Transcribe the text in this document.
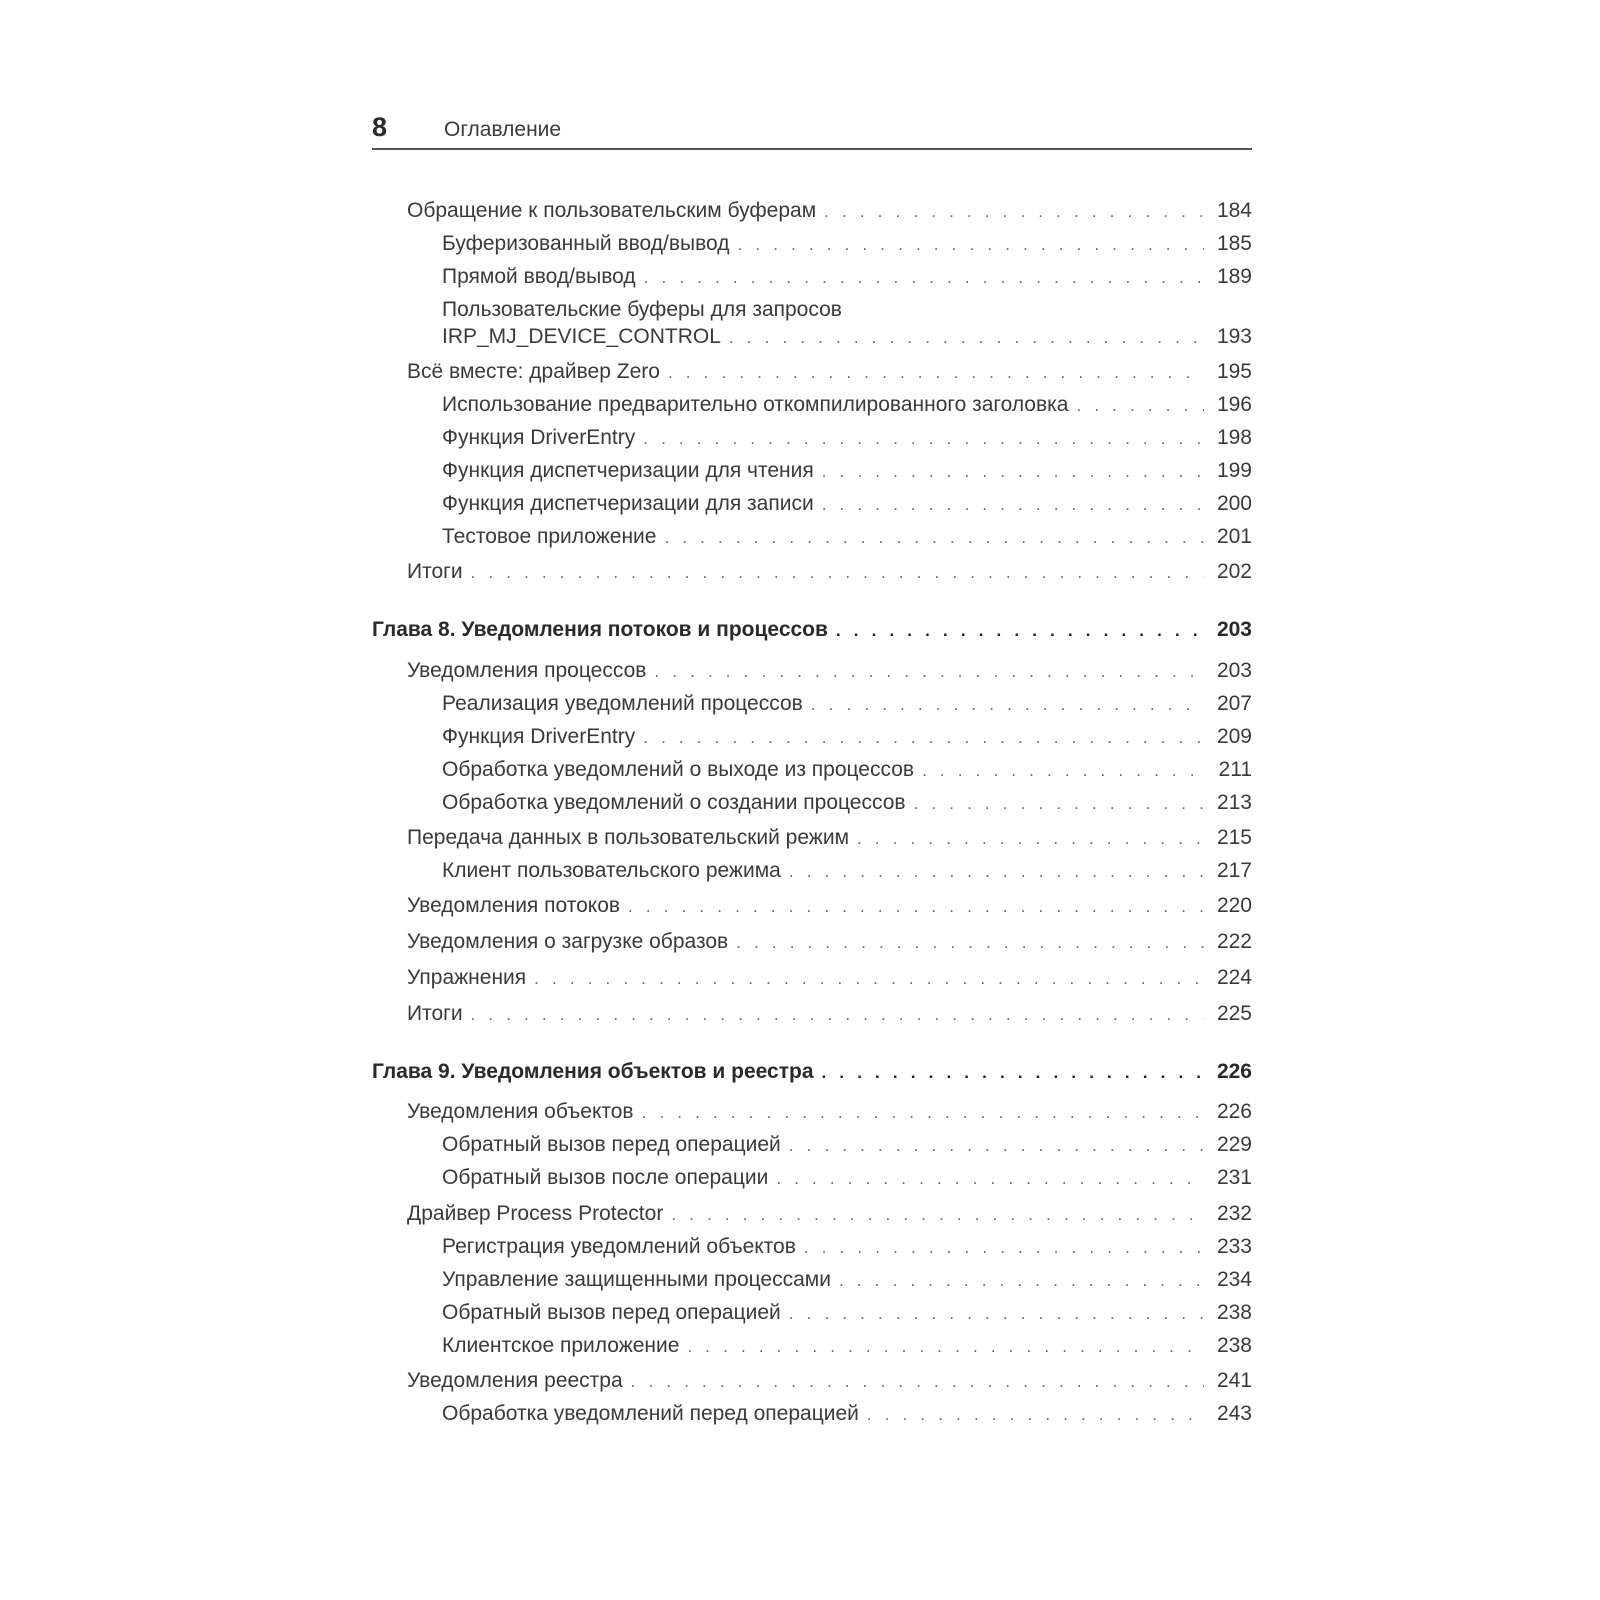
8	Оглавление
Обращение к пользовательским буферам . . .	184
Буферизованный ввод/вывод . . .	185
Прямой ввод/вывод . . .	189
Пользовательские буферы для запросов
IRP_MJ_DEVICE_CONTROL . . .	193
Всё вместе: драйвер Zero . . .	195
Использование предварительно откомпилированного заголовка . . .	196
Функция DriverEntry . . .	198
Функция диспетчеризации для чтения . . .	199
Функция диспетчеризации для записи . . .	200
Тестовое приложение . . .	201
Итоги . . .	202
Глава 8. Уведомления потоков и процессов . . .	203
Уведомления процессов . . .	203
Реализация уведомлений процессов . . .	207
Функция DriverEntry . . .	209
Обработка уведомлений о выходе из процессов . . .	211
Обработка уведомлений о создании процессов . . .	213
Передача данных в пользовательский режим . . .	215
Клиент пользовательского режима . . .	217
Уведомления потоков . . .	220
Уведомления о загрузке образов . . .	222
Упражнения . . .	224
Итоги . . .	225
Глава 9. Уведомления объектов и реестра . . .	226
Уведомления объектов . . .	226
Обратный вызов перед операцией . . .	229
Обратный вызов после операции . . .	231
Драйвер Process Protector . . .	232
Регистрация уведомлений объектов . . .	233
Управление защищенными процессами . . .	234
Обратный вызов перед операцией . . .	238
Клиентское приложение . . .	238
Уведомления реестра . . .	241
Обработка уведомлений перед операцией . . .	243
